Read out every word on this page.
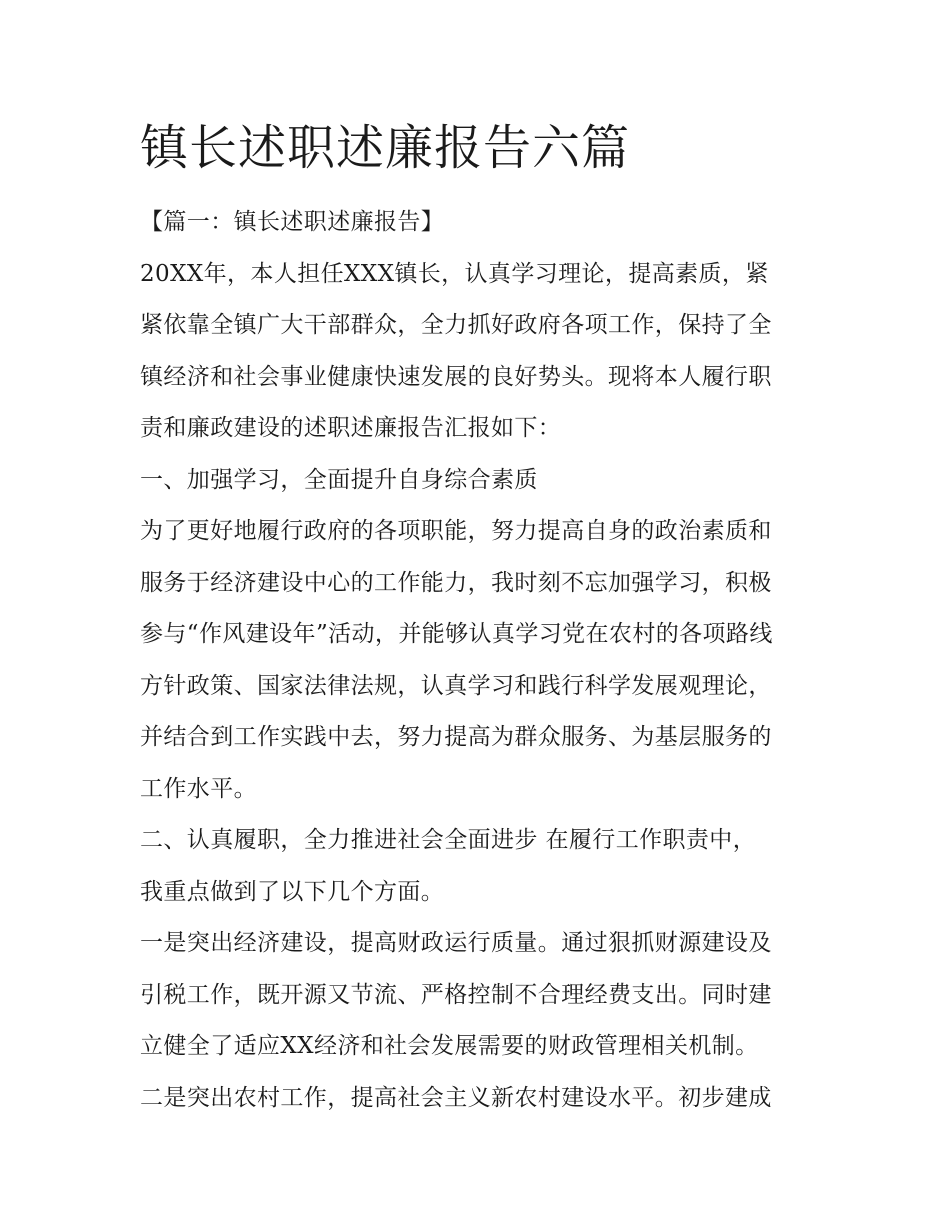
镇长述职述廉报告六篇
【篇一：镇长述职述廉报告】
20XX年，本人担任XXX镇长，认真学习理论，提高素质，紧
紧依靠全镇广大干部群众，全力抓好政府各项工作，保持了全
镇经济和社会事业健康快速发展的良好势头。现将本人履行职
责和廉政建设的述职述廉报告汇报如下：
一、加强学习，全面提升自身综合素质
为了更好地履行政府的各项职能，努力提高自身的政治素质和
服务于经济建设中心的工作能力，我时刻不忘加强学习，积极
参与“作风建设年”活动，并能够认真学习党在农村的各项路线
方针政策、国家法律法规，认真学习和践行科学发展观理论，
并结合到工作实践中去，努力提高为群众服务、为基层服务的
工作水平。
二、认真履职，全力推进社会全面进步 在履行工作职责中，
我重点做到了以下几个方面。
一是突出经济建设，提高财政运行质量。通过狠抓财源建设及
引税工作，既开源又节流、严格控制不合理经费支出。同时建
立健全了适应XX经济和社会发展需要的财政管理相关机制。
二是突出农村工作，提高社会主义新农村建设水平。初步建成
